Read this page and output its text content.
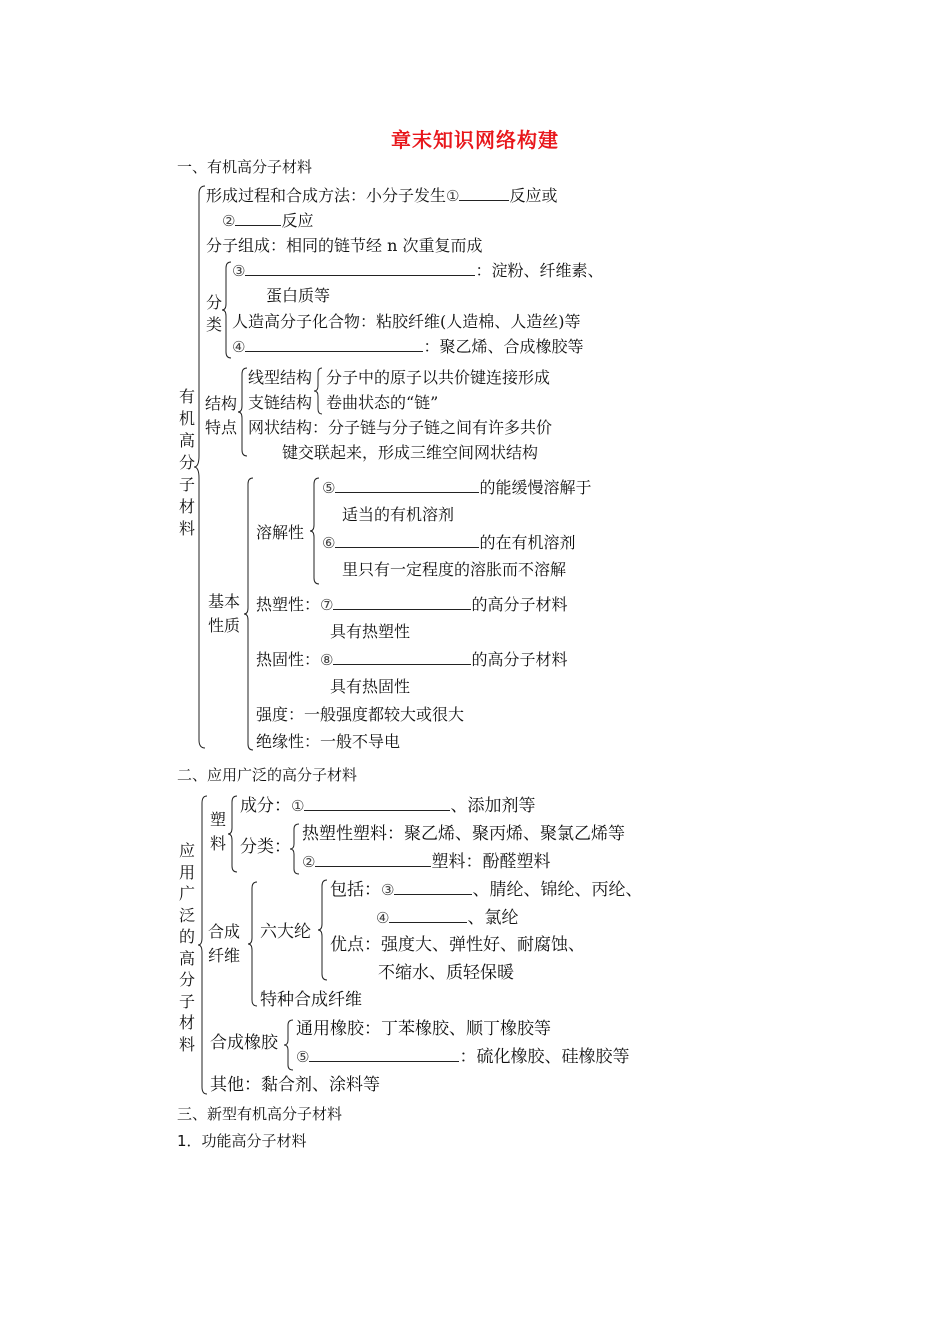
章末知识网络构建
一、有机高分子材料
有机高分子材料
形成过程和合成方法：小分子发生①	反应或
②	反应
分子组成：相同的链节经 n 次重复而成
分类
③	：淀粉、纤维素、
蛋白质等
人造高分子化合物：粘胶纤维(人造棉、人造丝)等
④	：聚乙烯、合成橡胶等
结构特点
线型结构
支链结构
分子中的原子以共价键连接形成
卷曲状态的“链”
网状结构：分子链与分子链之间有许多共价
键交联起来，形成三维空间网状结构
基本性质
溶解性
⑤	的能缓慢溶解于
适当的有机溶剂
⑥	的在有机溶剂
里只有一定程度的溶胀而不溶解
热塑性：⑦	的高分子材料
具有热塑性
热固性：⑧	的高分子材料
具有热固性
强度：一般强度都较大或很大
绝缘性：一般不导电
二、应用广泛的高分子材料
应用广泛的高分子材料
塑料
成分：①	、添加剂等
分类：
热塑性塑料：聚乙烯、聚丙烯、聚氯乙烯等
②	塑料：酚醛塑料
合成纤维
六大纶
包括：③	、腈纶、锦纶、丙纶、
④	、氯纶
优点：强度大、弹性好、耐腐蚀、
不缩水、质轻保暖
特种合成纤维
合成橡胶
通用橡胶：丁苯橡胶、顺丁橡胶等
⑤	：硫化橡胶、硅橡胶等
其他：黏合剂、涂料等
三、新型有机高分子材料
1．功能高分子材料
